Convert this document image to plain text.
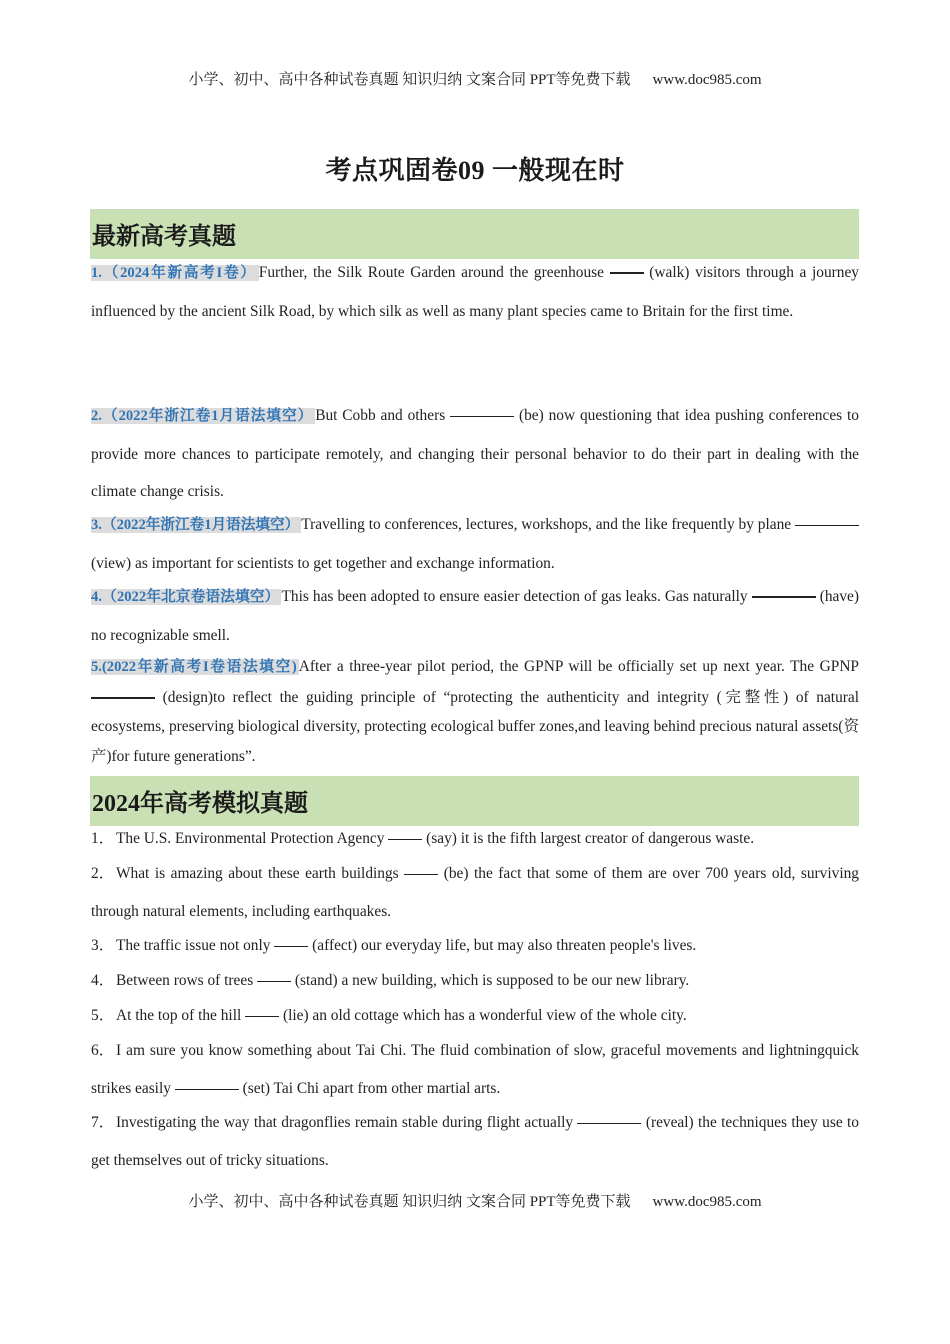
小学、初中、高中各种试卷真题 知识归纳 文案合同 PPT等免费下载 www.doc985.com
考点巩固卷09 一般现在时
最新高考真题
1.（2024年新高考I卷） Further, the Silk Route Garden around the greenhouse  (walk) visitors through a journey influenced by the ancient Silk Road, by which silk as well as many plant species came to Britain for the first time.
2.（2022年浙江卷1月语法填空） But Cobb and others	(be) now questioning that idea pushing conferences to provide more chances to participate remotely, and changing their personal behavior to do their part in dealing with the climate change crisis.
3.（2022年浙江卷1月语法填空） Travelling to conferences, lectures, workshops, and the like frequently by plane (view) as important for scientists to get together and exchange information.
4.（2022年北京卷语法填空） This has been adopted to ensure easier detection of gas leaks. Gas naturally	(have) no recognizable smell.
5.(2022年新高考I卷语法填空) After a three-year pilot period, the GPNP will be officially set up next year. The GPNP  (design)to reflect the guiding principle of “protecting the authenticity and integrity (完整性) of natural ecosystems, preserving biological diversity, protecting ecological buffer zones,and leaving behind precious natural assets(资产)for future generations”.
2024年高考模拟真题
1． The U.S. Environmental Protection Agency  (say) it is the fifth largest creator of dangerous waste.
2． What is amazing about these earth buildings  (be) the fact that some of them are over 700 years old, surviving through natural elements, including earthquakes.
3． The traffic issue not only  (affect) our everyday life, but may also threaten people's lives.
4． Between rows of trees  (stand) a new building, which is supposed to be our new library.
5． At the top of the hill  (lie) an old cottage which has a wonderful view of the whole city.
6． I am sure you know something about Tai Chi. The fluid combination of slow, graceful movements and lightningquick strikes easily	(set) Tai Chi apart from other martial arts.
7． Investigating the way that dragonflies remain stable during flight actually	(reveal) the techniques they use to get themselves out of tricky situations.
小学、初中、高中各种试卷真题 知识归纳 文案合同 PPT等免费下载 www.doc985.com
